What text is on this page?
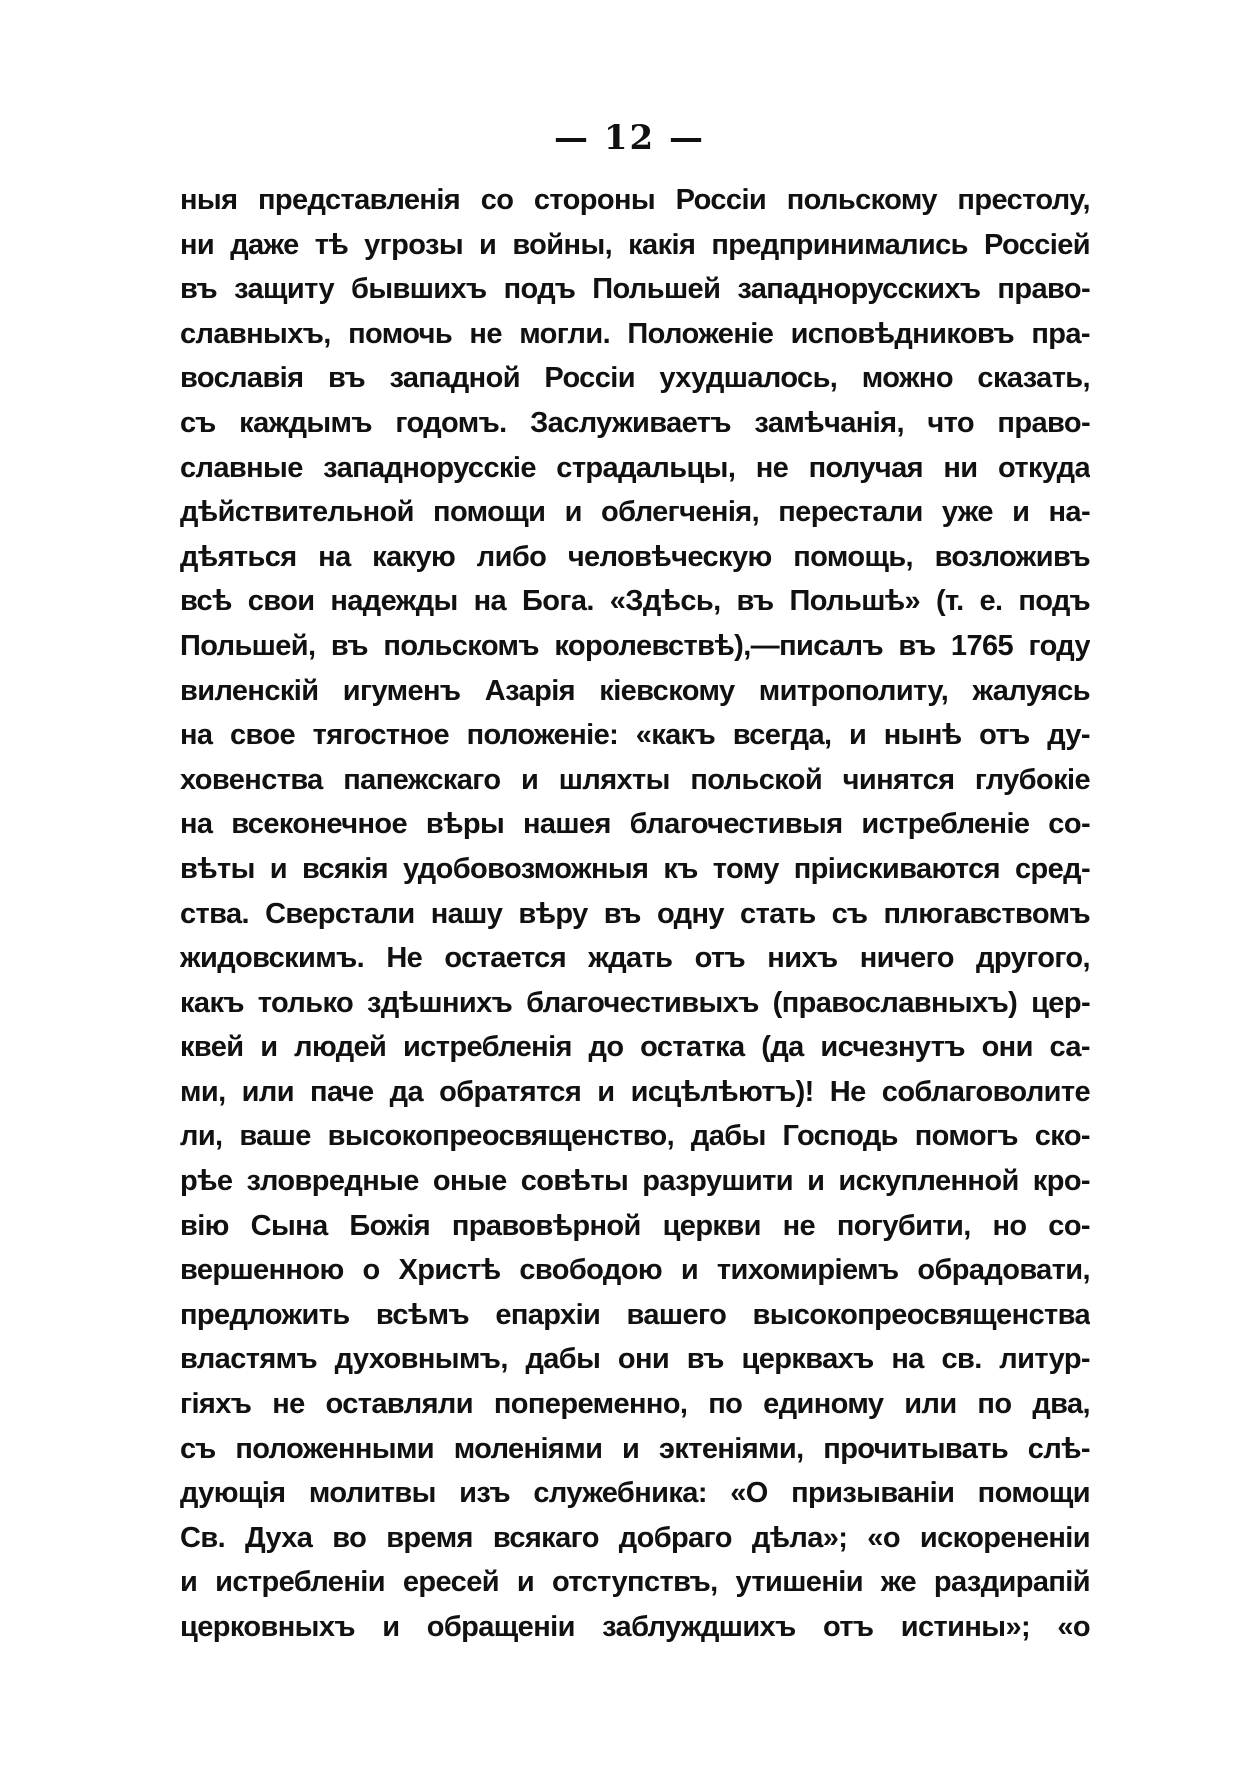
— 12 —
ныя представленія со стороны Россіи польскому престолу,
ни даже тѣ угрозы и войны, какія предпринимались Россіей
въ защиту бывшихъ подъ Польшей западнорусскихъ право-
славныхъ, помочь не могли. Положеніе исповѣдниковъ пра-
вославія въ западной Россіи ухудшалось, можно сказать,
съ каждымъ годомъ. Заслуживаетъ замѣчанія, что право-
славные западнорусскіе страдальцы, не получая ни откуда
дѣйствительной помощи и облегченія, перестали уже и на-
дѣяться на какую либо человѣческую помощь, возложивъ
всѣ свои надежды на Бога. «Здѣсь, въ Польшѣ» (т. е. подъ
Польшей, въ польскомъ королевствѣ),—писалъ въ 1765 году
виленскій игуменъ Азарія кіевскому митрополиту, жалуясь
на свое тягостное положеніе: «какъ всегда, и нынѣ отъ ду-
ховенства папежскаго и шляхты польской чинятся глубокіе
на всеконечное вѣры нашея благочестивыя истребленіе со-
вѣты и всякія удобовозможныя къ тому пріискиваются сред-
ства. Сверстали нашу вѣру въ одну стать съ плюгавствомъ
жидовскимъ. Не остается ждать отъ нихъ ничего другого,
какъ только здѣшнихъ благочестивыхъ (православныхъ) цер-
квей и людей истребленія до остатка (да исчезнутъ они са-
ми, или паче да обратятся и исцѣлѣютъ)! Не соблаговолите
ли, ваше высокопреосвященство, дабы Господь помогъ ско-
рѣе зловредные оные совѣты разрушити и искупленной кро-
вію Сына Божія правовѣрной церкви не погубити, но со-
вершенною о Христѣ свободою и тихомиріемъ обрадовати,
предложить всѣмъ епархіи вашего высокопреосвященства
властямъ духовнымъ, дабы они въ церквахъ на св. литур-
гіяхъ не оставляли попеременно, по единому или по два,
съ положенными моленіями и эктеніями, прочитывать слѣ-
дующія молитвы изъ служебника: «О призываніи помощи
Св. Духа во время всякаго добраго дѣла»; «о искорененіи
и истребленіи ересей и отступствъ, утишеніи же раздирапій
церковныхъ и обращеніи заблуждшихъ отъ истины»; «о
